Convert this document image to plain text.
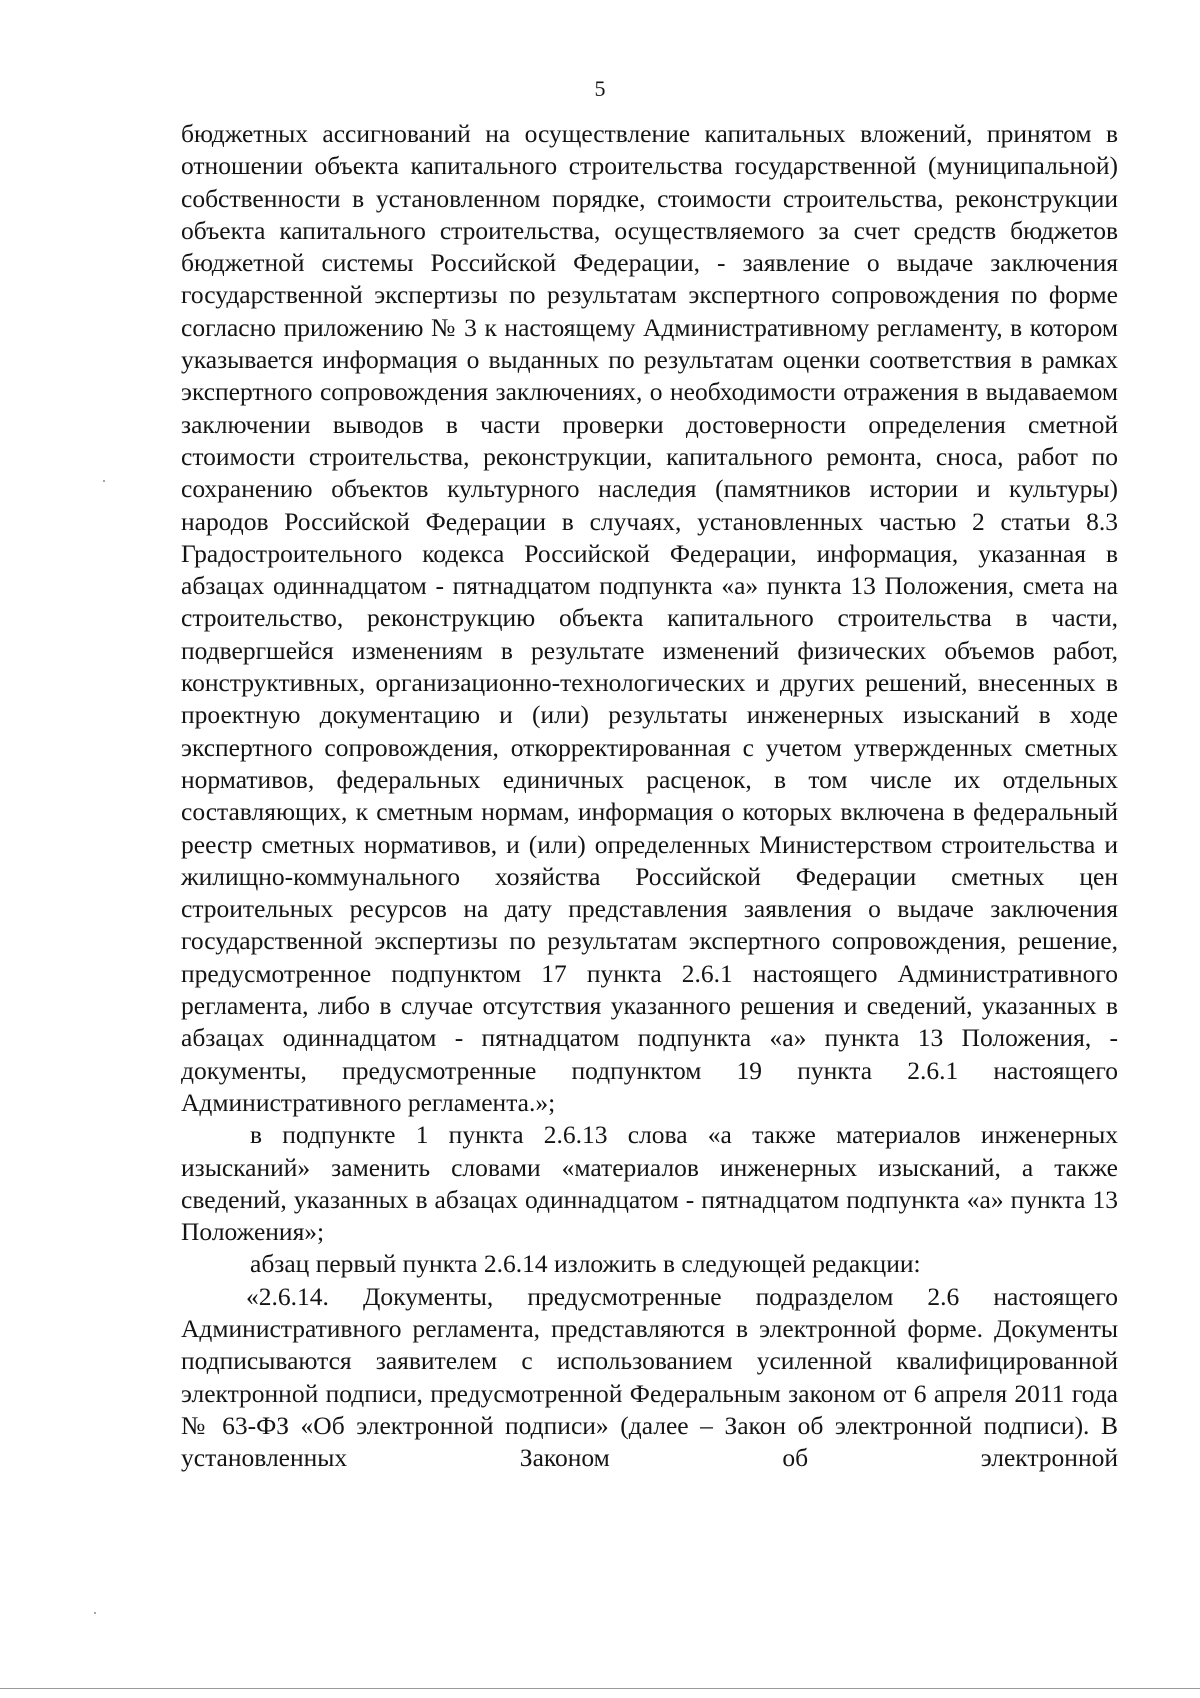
5

бюджетных ассигнований на осуществление капитальных вложений, принятом в отношении объекта капитального строительства государственной (муниципальной) собственности в установленном порядке, стоимости строительства, реконструкции объекта капитального строительства, осуществляемого за счет средств бюджетов бюджетной системы Российской Федерации, - заявление о выдаче заключения государственной экспертизы по результатам экспертного сопровождения по форме согласно приложению № 3 к настоящему Административному регламенту, в котором указывается информация о выданных по результатам оценки соответствия в рамках экспертного сопровождения заключениях, о необходимости отражения в выдаваемом заключении выводов в части проверки достоверности определения сметной стоимости строительства, реконструкции, капитального ремонта, сноса, работ по сохранению объектов культурного наследия (памятников истории и культуры) народов Российской Федерации в случаях, установленных частью 2 статьи 8.3 Градостроительного кодекса Российской Федерации, информация, указанная в абзацах одиннадцатом - пятнадцатом подпункта «а» пункта 13 Положения, смета на строительство, реконструкцию объекта капитального строительства в части, подвергшейся изменениям в результате изменений физических объемов работ, конструктивных, организационно-технологических и других решений, внесенных в проектную документацию и (или) результаты инженерных изысканий в ходе экспертного сопровождения, откорректированная с учетом утвержденных сметных нормативов, федеральных единичных расценок, в том числе их отдельных составляющих, к сметным нормам, информация о которых включена в федеральный реестр сметных нормативов, и (или) определенных Министерством строительства и жилищно-коммунального хозяйства Российской Федерации сметных цен строительных ресурсов на дату представления заявления о выдаче заключения государственной экспертизы по результатам экспертного сопровождения, решение, предусмотренное подпунктом 17 пункта 2.6.1 настоящего Административного регламента, либо в случае отсутствия указанного решения и сведений, указанных в абзацах одиннадцатом - пятнадцатом подпункта «а» пункта 13 Положения, - документы, предусмотренные подпунктом 19 пункта 2.6.1 настоящего Административного регламента.»;

в подпункте 1 пункта 2.6.13 слова «а также материалов инженерных изысканий» заменить словами «материалов инженерных изысканий, а также сведений, указанных в абзацах одиннадцатом - пятнадцатом подпункта «а» пункта 13 Положения»;

абзац первый пункта 2.6.14 изложить в следующей редакции:

«2.6.14. Документы, предусмотренные подразделом 2.6 настоящего Административного регламента, представляются в электронной форме. Документы подписываются заявителем с использованием усиленной квалифицированной электронной подписи, предусмотренной Федеральным законом от 6 апреля 2011 года № 63-ФЗ «Об электронной подписи» (далее – Закон об электронной подписи). В установленных Законом об электронной
